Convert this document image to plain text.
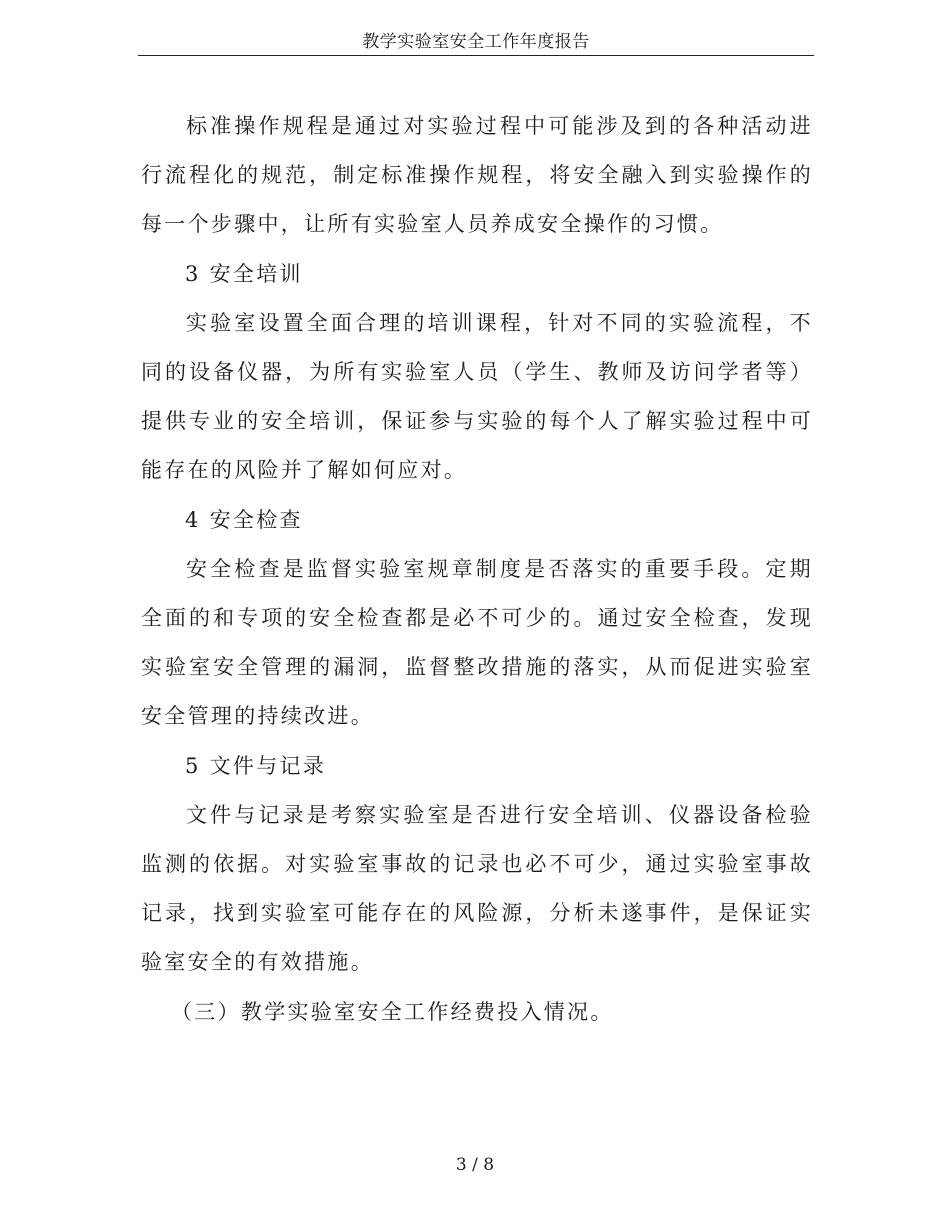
教学实验室安全工作年度报告

标准操作规程是通过对实验过程中可能涉及到的各种活动进行流程化的规范，制定标准操作规程，将安全融入到实验操作的每一个步骤中，让所有实验室人员养成安全操作的习惯。

3 安全培训

实验室设置全面合理的培训课程，针对不同的实验流程，不同的设备仪器，为所有实验室人员（学生、教师及访问学者等）提供专业的安全培训，保证参与实验的每个人了解实验过程中可能存在的风险并了解如何应对。

4 安全检查

安全检查是监督实验室规章制度是否落实的重要手段。定期全面的和专项的安全检查都是必不可少的。通过安全检查，发现实验室安全管理的漏洞，监督整改措施的落实，从而促进实验室安全管理的持续改进。

5 文件与记录

文件与记录是考察实验室是否进行安全培训、仪器设备检验监测的依据。对实验室事故的记录也必不可少，通过实验室事故记录，找到实验室可能存在的风险源，分析未遂事件，是保证实验室安全的有效措施。

（三）教学实验室安全工作经费投入情况。

3 / 8
